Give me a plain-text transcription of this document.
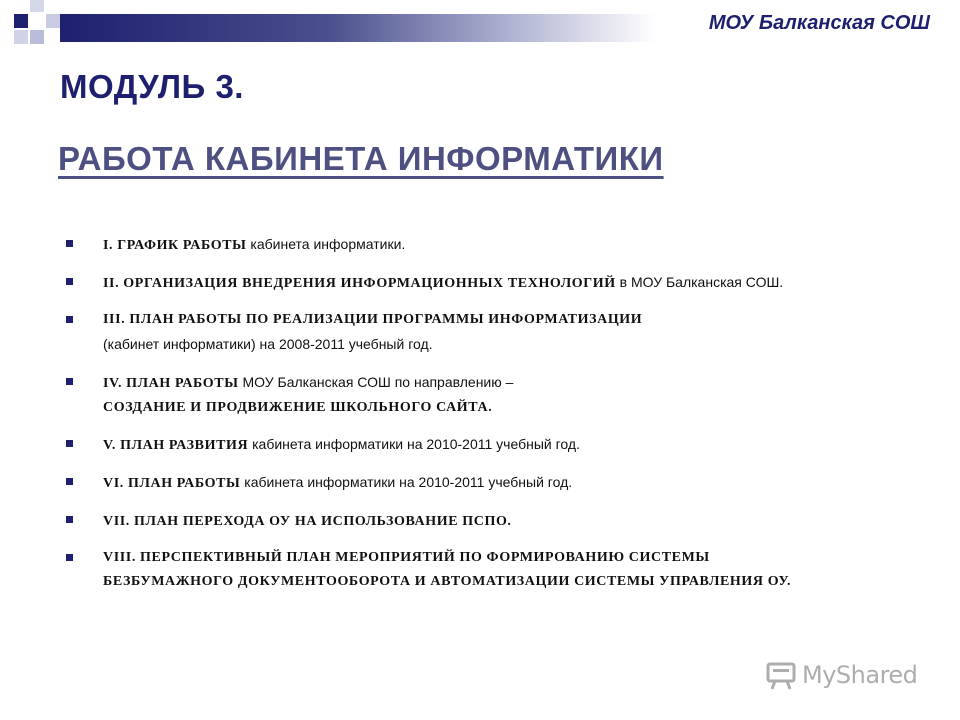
МОУ Балканская СОШ
МОДУЛЬ 3.
РАБОТА КАБИНЕТА ИНФОРМАТИКИ
I. ГРАФИК РАБОТЫ кабинета информатики.
II. ОРГАНИЗАЦИЯ ВНЕДРЕНИЯ ИНФОРМАЦИОННЫХ ТЕХНОЛОГИЙ в МОУ Балканская СОШ.
III. ПЛАН РАБОТЫ ПО РЕАЛИЗАЦИИ ПРОГРАММЫ ИНФОРМАТИЗАЦИИ
(кабинет информатики) на 2008-2011 учебный год.
IV. ПЛАН РАБОТЫ МОУ Балканская СОШ по направлению –
СОЗДАНИЕ И ПРОДВИЖЕНИЕ ШКОЛЬНОГО САЙТА.
V. ПЛАН РАЗВИТИЯ кабинета информатики на 2010-2011 учебный год.
VI. ПЛАН РАБОТЫ кабинета информатики на 2010-2011 учебный год.
VII. ПЛАН ПЕРЕХОДА ОУ НА ИСПОЛЬЗОВАНИЕ ПСПО.
VIII. ПЕРСПЕКТИВНЫЙ ПЛАН МЕРОПРИЯТИЙ ПО ФОРМИРОВАНИЮ СИСТЕМЫ
БЕЗБУМАЖНОГО ДОКУМЕНТООБОРОТА И АВТОМАТИЗАЦИИ СИСТЕМЫ УПРАВЛЕНИЯ ОУ.
MyShared
